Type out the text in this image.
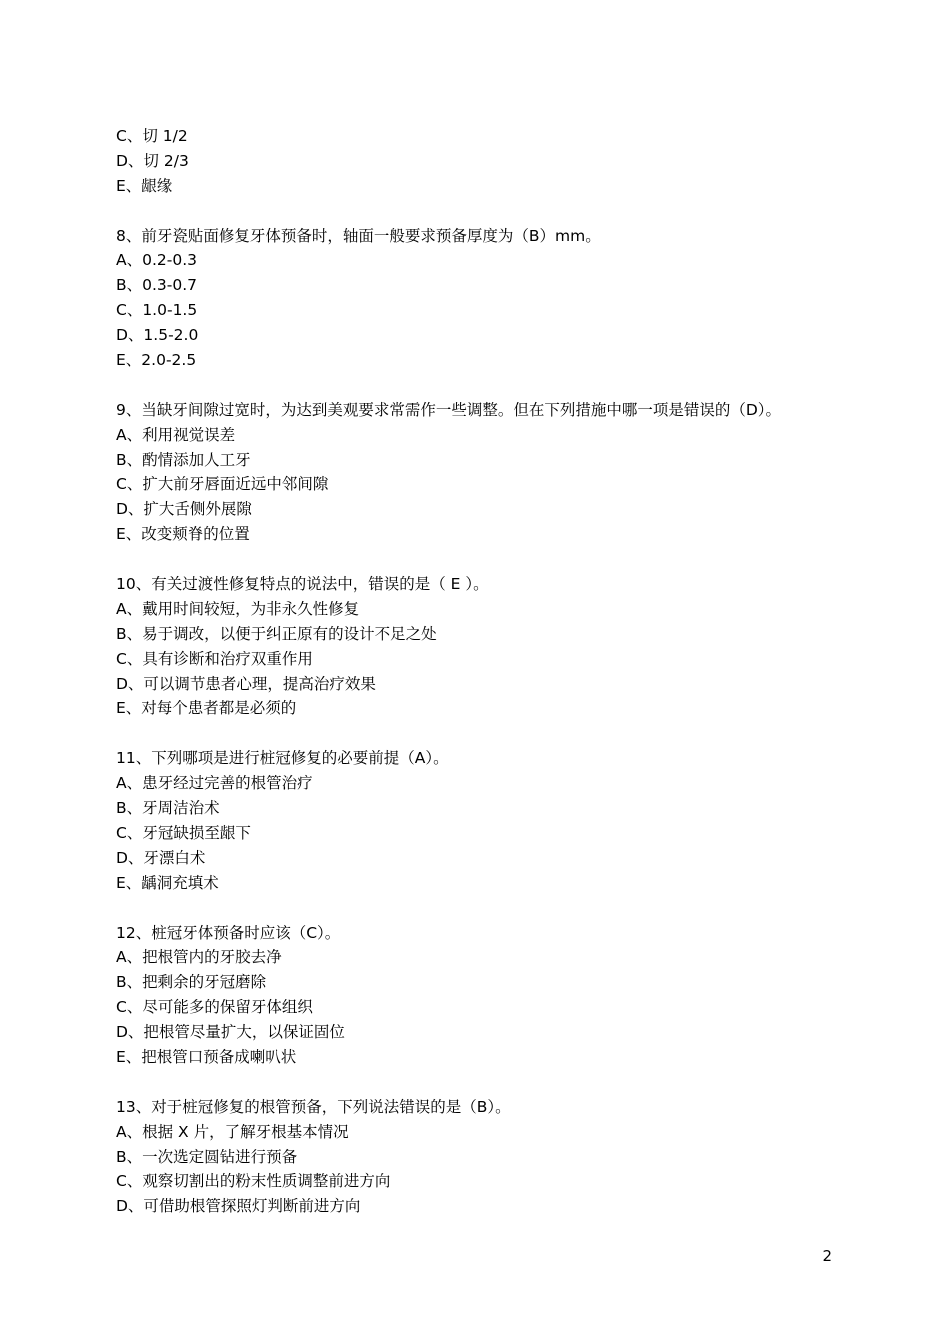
C、切 1/2
D、切 2/3
E、龈缘
8、前牙瓷贴面修复牙体预备时，轴面一般要求预备厚度为（B）mm。
A、0.2-0.3
B、0.3-0.7
C、1.0-1.5
D、1.5-2.0
E、2.0-2.5
9、当缺牙间隙过宽时，为达到美观要求常需作一些调整。但在下列措施中哪一项是错误的（D）。
A、利用视觉误差
B、酌情添加人工牙
C、扩大前牙唇面近远中邻间隙
D、扩大舌侧外展隙
E、改变颊脊的位置
10、有关过渡性修复特点的说法中，错误的是（ E ）。
A、戴用时间较短，为非永久性修复
B、易于调改，以便于纠正原有的设计不足之处
C、具有诊断和治疗双重作用
D、可以调节患者心理，提高治疗效果
E、对每个患者都是必须的
11、下列哪项是进行桩冠修复的必要前提（A）。
A、患牙经过完善的根管治疗
B、牙周洁治术
C、牙冠缺损至龈下
D、牙漂白术
E、龋洞充填术
12、桩冠牙体预备时应该（C）。
A、把根管内的牙胶去净
B、把剩余的牙冠磨除
C、尽可能多的保留牙体组织
D、把根管尽量扩大，以保证固位
E、把根管口预备成喇叭状
13、对于桩冠修复的根管预备，下列说法错误的是（B）。
A、根据 X 片，了解牙根基本情况
B、一次选定圆钻进行预备
C、观察切割出的粉末性质调整前进方向
D、可借助根管探照灯判断前进方向
2
